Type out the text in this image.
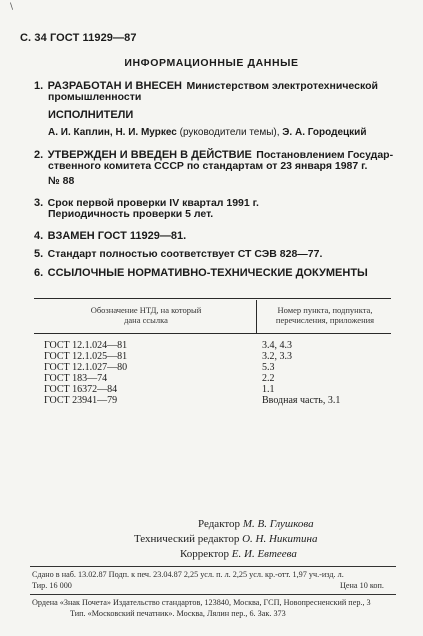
\
С. 34 ГОСТ 11929—87
ИНФОРМАЦИОННЫЕ ДАННЫЕ
1. РАЗРАБОТАН И ВНЕСЕН Министерством электротехнической
промышленности
ИСПОЛНИТЕЛИ
А. И. Каплин, Н. И. Муркес (руководители темы), Э. А. Городецкий
2. УТВЕРЖДЕН И ВВЕДЕН В ДЕЙСТВИЕ Постановлением Государ-
ственного комитета СССР по стандартам от 23 января 1987 г.
№ 88
3. Срок первой проверки IV квартал 1991 г.
Периодичность проверки 5 лет.
4. ВЗАМЕН ГОСТ 11929—81.
5. Стандарт полностью соответствует СТ СЭВ 828—77.
6. ССЫЛОЧНЫЕ НОРМАТИВНО-ТЕХНИЧЕСКИЕ ДОКУМЕНТЫ
Обозначение НТД, на который
дана ссылка
Номер пункта, подпункта,
перечисления, приложения
ГОСТ 12.1.024—81
ГОСТ 12.1.025—81
ГОСТ 12.1.027—80
ГОСТ 183—74
ГОСТ 16372—84
ГОСТ 23941—79
3.4, 4.3
3.2, 3.3
5.3
2.2
1.1
Вводная часть, 3.1
Редактор М. В. Глушкова
Технический редактор О. Н. Никитина
Корректор Е. И. Евтеева
Сдано в наб. 13.02.87 Подп. к печ. 23.04.87 2,25 усл. п. л. 2,25 усл. кр.-отт. 1,97 уч.-изд. л.
Тир. 16 000	Цена 10 коп.
Ордена «Знак Почета» Издательство стандартов, 123840, Москва, ГСП, Новопресненский пер., 3
Тип. «Московский печатник». Москва, Лялин пер., 6. Зак. 373
